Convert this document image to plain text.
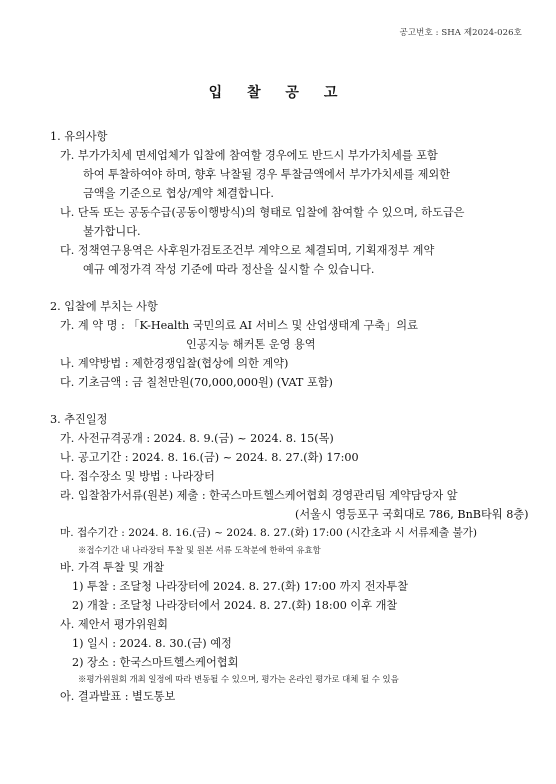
공고번호 : SHA 제2024-026호
입 찰 공 고
1. 유의사항
가. 부가가치세 면세업체가 입찰에 참여할 경우에도 반드시 부가가치세를 포함
하여 투찰하여야 하며, 향후 낙찰될 경우 투찰금액에서 부가가치세를 제외한
금액을 기준으로 협상/계약 체결합니다.
나. 단독 또는 공동수급(공동이행방식)의 형태로 입찰에 참여할 수 있으며, 하도급은
불가합니다.
다. 정책연구용역은 사후원가검토조건부 계약으로 체결되며, 기획재정부 계약
예규 예정가격 작성 기준에 따라 정산을 실시할 수 있습니다.
2. 입찰에 부치는 사항
가. 계 약 명 : 「K-Health 국민의료 AI 서비스 및 산업생태계 구축」의료
인공지능 해커톤 운영 용역
나. 계약방법 : 제한경쟁입찰(협상에 의한 계약)
다. 기초금액 : 금 칠천만원(70,000,000원) (VAT 포함)
3. 추진일정
가. 사전규격공개 : 2024. 8. 9.(금) ~ 2024. 8. 15(목)
나. 공고기간 : 2024. 8. 16.(금) ~ 2024. 8. 27.(화) 17:00
다. 접수장소 및 방법 : 나라장터
라. 입찰참가서류(원본) 제출 : 한국스마트헬스케어협회 경영관리팀 계약담당자 앞
(서울시 영등포구 국회대로 786, BnB타워 8층)
마. 접수기간 : 2024. 8. 16.(금) ~ 2024. 8. 27.(화) 17:00 (시간초과 시 서류제출 불가)
※접수기간 내 나라장터 투찰 및 원본 서류 도착분에 한하여 유효함
바. 가격 투찰 및 개찰
1) 투찰 : 조달청 나라장터에 2024. 8. 27.(화) 17:00 까지 전자투찰
2) 개찰 : 조달청 나라장터에서 2024. 8. 27.(화) 18:00 이후 개찰
사. 제안서 평가위원회
1) 일시 : 2024. 8. 30.(금) 예정
2) 장소 : 한국스마트헬스케어협회
※평가위원회 개최 일정에 따라 변동될 수 있으며, 평가는 온라인 평가로 대체 될 수 있음
아. 결과발표 : 별도통보
